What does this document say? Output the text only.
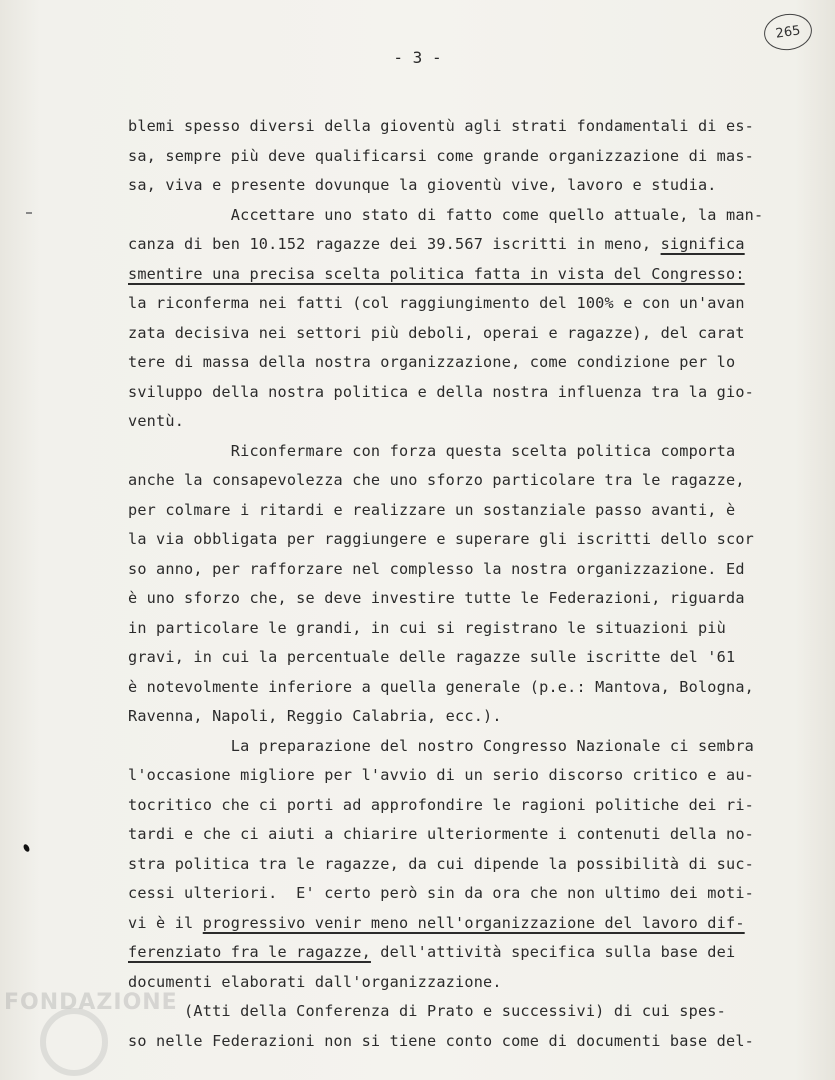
265
- 3 -
blemi spesso diversi della gioventù agli strati fondamentali di es-
sa, sempre più deve qualificarsi come grande organizzazione di mas-
sa, viva e presente dovunque la gioventù vive, lavoro e studia.
Accettare uno stato di fatto come quello attuale, la man-
canza di ben 10.152 ragazze dei 39.567 iscritti in meno, significa
smentire una precisa scelta politica fatta in vista del Congresso:
la riconferma nei fatti (col raggiungimento del 100% e con un'avan
zata decisiva nei settori più deboli, operai e ragazze), del carat
tere di massa della nostra organizzazione, come condizione per lo
sviluppo della nostra politica e della nostra influenza tra la gio-
ventù.
Riconfermare con forza questa scelta politica comporta
anche la consapevolezza che uno sforzo particolare tra le ragazze,
per colmare i ritardi e realizzare un sostanziale passo avanti, è
la via obbligata per raggiungere e superare gli iscritti dello scor
so anno, per rafforzare nel complesso la nostra organizzazione. Ed
è uno sforzo che, se deve investire tutte le Federazioni, riguarda
in particolare le grandi, in cui si registrano le situazioni più
gravi, in cui la percentuale delle ragazze sulle iscritte del '61
è notevolmente inferiore a quella generale (p.e.: Mantova, Bologna,
Ravenna, Napoli, Reggio Calabria, ecc.).
La preparazione del nostro Congresso Nazionale ci sembra
l'occasione migliore per l'avvio di un serio discorso critico e au-
tocritico che ci porti ad approfondire le ragioni politiche dei ri-
tardi e che ci aiuti a chiarire ulteriormente i contenuti della no-
stra politica tra le ragazze, da cui dipende la possibilità di suc-
cessi ulteriori.  E' certo però sin da ora che non ultimo dei moti-
vi è il progressivo venir meno nell'organizzazione del lavoro dif-
ferenziato fra le ragazze, dell'attività specifica sulla base dei
documenti elaborati dall'organizzazione.
(Atti della Conferenza di Prato e successivi) di cui spes-
so nelle Federazioni non si tiene conto come di documenti base del-
FONDAZIONE
